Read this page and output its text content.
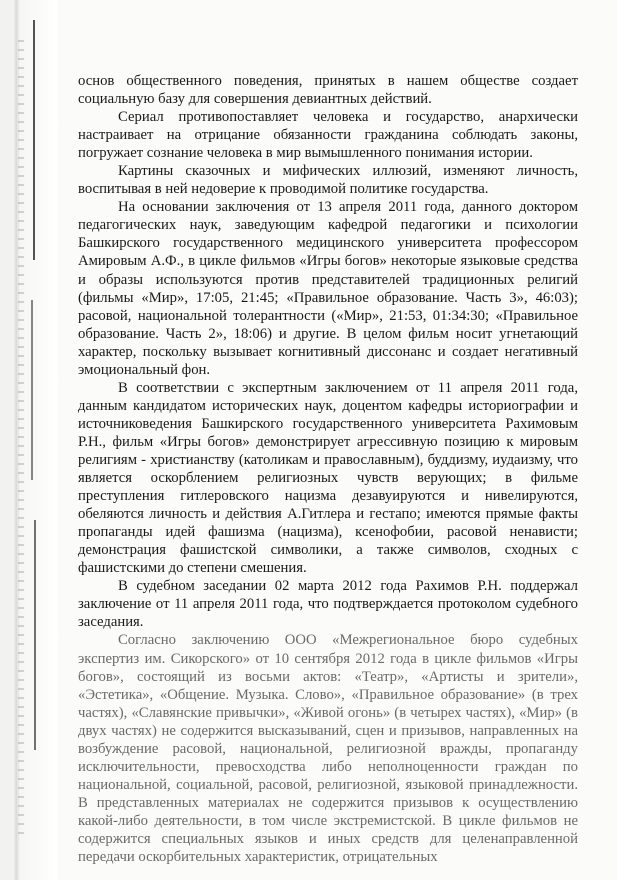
основ общественного поведения, принятых в нашем обществе создает социальную базу для совершения девиантных действий.

Сериал противопоставляет человека и государство, анархически настраивает на отрицание обязанности гражданина соблюдать законы, погружает сознание человека в мир вымышленного понимания истории.

Картины сказочных и мифических иллюзий, изменяют личность, воспитывая в ней недоверие к проводимой политике государства.

На основании заключения от 13 апреля 2011 года, данного доктором педагогических наук, заведующим кафедрой педагогики и психологии Башкирского государственного медицинского университета профессором Амировым А.Ф., в цикле фильмов «Игры богов» некоторые языковые средства и образы используются против представителей традиционных религий (фильмы «Мир», 17:05, 21:45; «Правильное образование. Часть 3», 46:03); расовой, национальной толерантности («Мир», 21:53, 01:34:30; «Правильное образование. Часть 2», 18:06) и другие. В целом фильм носит угнетающий характер, поскольку вызывает когнитивный диссонанс и создает негативный эмоциональный фон.

В соответствии с экспертным заключением от 11 апреля 2011 года, данным кандидатом исторических наук, доцентом кафедры историографии и источниковедения Башкирского государственного университета Рахимовым Р.Н., фильм «Игры богов» демонстрирует агрессивную позицию к мировым религиям - христианству (католикам и православным), буддизму, иудаизму, что является оскорблением религиозных чувств верующих; в фильме преступления гитлеровского нацизма дезавуируются и нивелируются, обеляются личность и действия А.Гитлера и гестапо; имеются прямые факты пропаганды идей фашизма (нацизма), ксенофобии, расовой ненависти; демонстрация фашистской символики, а также символов, сходных с фашистскими до степени смешения.

В судебном заседании 02 марта 2012 года Рахимов Р.Н. поддержал заключение от 11 апреля 2011 года, что подтверждается протоколом судебного заседания.

Согласно заключению ООО «Межрегиональное бюро судебных экспертиз им. Сикорского» от 10 сентября 2012 года в цикле фильмов «Игры богов», состоящий из восьми актов: «Театр», «Артисты и зрители», «Эстетика», «Общение. Музыка. Слово», «Правильное образование» (в трех частях), «Славянские привычки», «Живой огонь» (в четырех частях), «Мир» (в двух частях) не содержится высказываний, сцен и призывов, направленных на возбуждение расовой, национальной, религиозной вражды, пропаганду исключительности, превосходства либо неполноценности граждан по национальной, социальной, расовой, религиозной, языковой принадлежности. В представленных материалах не содержится призывов к осуществлению какой-либо деятельности, в том числе экстремистской. В цикле фильмов не содержится специальных языков и иных средств для целенаправленной передачи оскорбительных характеристик, отрицательных
